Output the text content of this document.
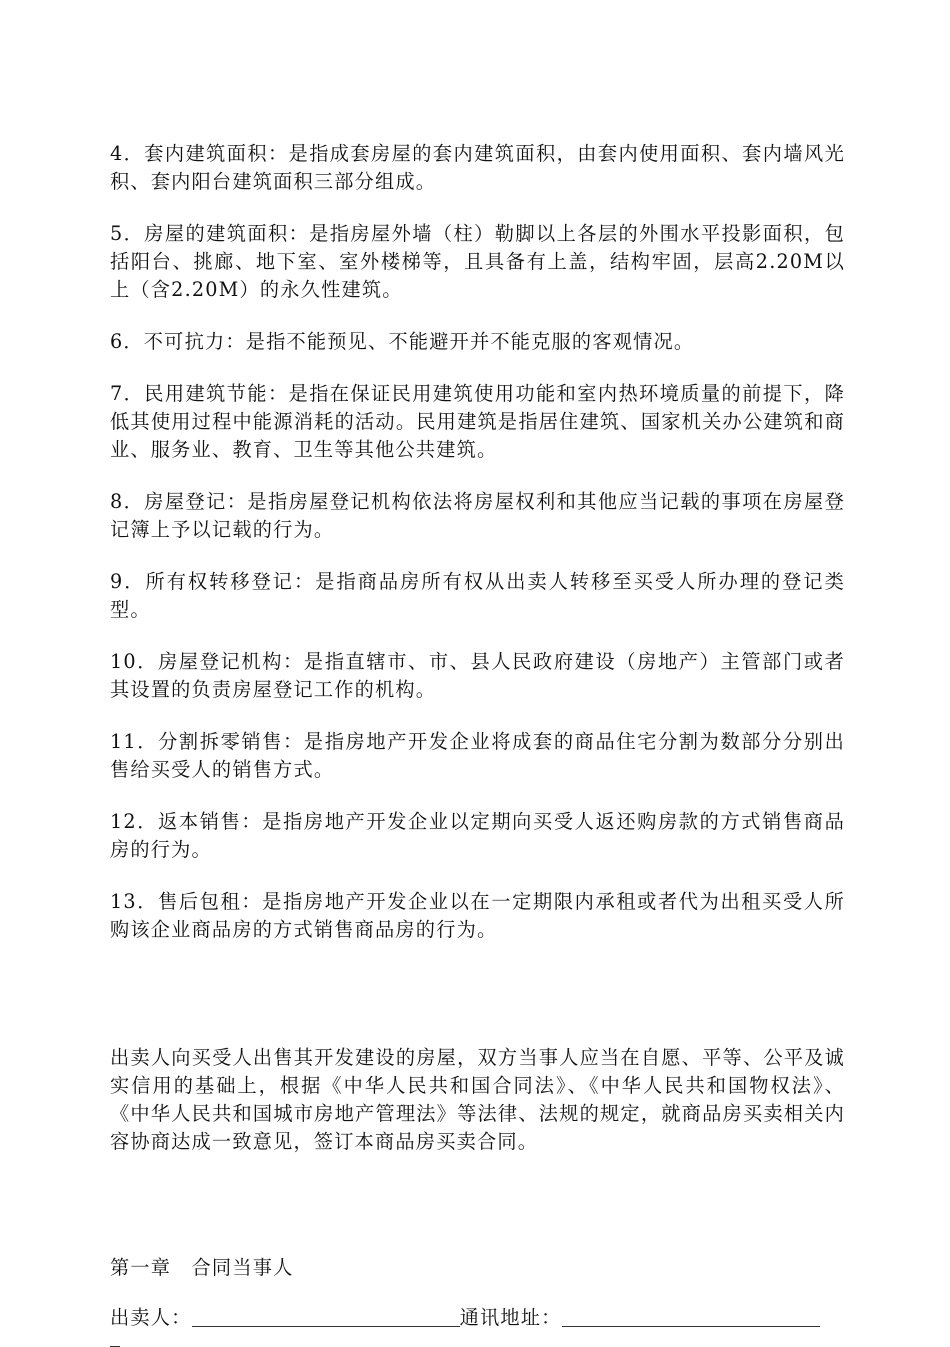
4．套内建筑面积：是指成套房屋的套内建筑面积，由套内使用面积、套内墙风光积、套内阳台建筑面积三部分组成。

5．房屋的建筑面积：是指房屋外墙（柱）勒脚以上各层的外围水平投影面积，包括阳台、挑廊、地下室、室外楼梯等，且具备有上盖，结构牢固，层高2.20M以上（含2.20M）的永久性建筑。

6．不可抗力：是指不能预见、不能避开并不能克服的客观情况。

7．民用建筑节能：是指在保证民用建筑使用功能和室内热环境质量的前提下，降低其使用过程中能源消耗的活动。民用建筑是指居住建筑、国家机关办公建筑和商业、服务业、教育、卫生等其他公共建筑。

8．房屋登记：是指房屋登记机构依法将房屋权利和其他应当记载的事项在房屋登记簿上予以记载的行为。

9．所有权转移登记：是指商品房所有权从出卖人转移至买受人所办理的登记类型。

10．房屋登记机构：是指直辖市、市、县人民政府建设（房地产）主管部门或者其设置的负责房屋登记工作的机构。

11．分割拆零销售：是指房地产开发企业将成套的商品住宅分割为数部分分别出售给买受人的销售方式。

12．返本销售：是指房地产开发企业以定期向买受人返还购房款的方式销售商品房的行为。

13．售后包租：是指房地产开发企业以在一定期限内承租或者代为出租买受人所购该企业商品房的方式销售商品房的行为。

出卖人向买受人出售其开发建设的房屋，双方当事人应当在自愿、平等、公平及诚实信用的基础上，根据《中华人民共和国合同法》、《中华人民共和国物权法》、《中华人民共和国城市房地产管理法》等法律、法规的规定，就商品房买卖相关内容协商达成一致意见，签订本商品房买卖合同。

第一章　合同当事人
出卖人：	通讯地址：
